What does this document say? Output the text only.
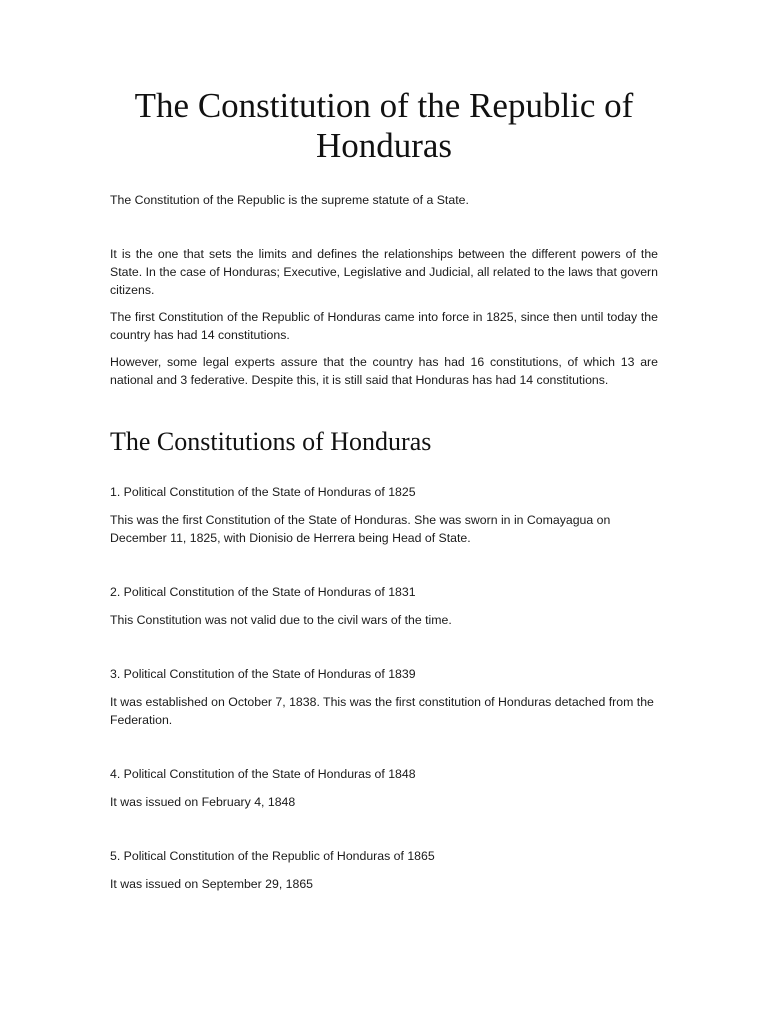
The Constitution of the Republic of Honduras

The Constitution of the Republic is the supreme statute of a State.

It is the one that sets the limits and defines the relationships between the different powers of the State. In the case of Honduras; Executive, Legislative and Judicial, all related to the laws that govern citizens.

The first Constitution of the Republic of Honduras came into force in 1825, since then until today the country has had 14 constitutions.

However, some legal experts assure that the country has had 16 constitutions, of which 13 are national and 3 federative. Despite this, it is still said that Honduras has had 14 constitutions.

The Constitutions of Honduras

1. Political Constitution of the State of Honduras of 1825

This was the first Constitution of the State of Honduras. She was sworn in in Comayagua on December 11, 1825, with Dionisio de Herrera being Head of State.

2. Political Constitution of the State of Honduras of 1831

This Constitution was not valid due to the civil wars of the time.

3. Political Constitution of the State of Honduras of 1839

It was established on October 7, 1838. This was the first constitution of Honduras detached from the Federation.

4. Political Constitution of the State of Honduras of 1848

It was issued on February 4, 1848

5. Political Constitution of the Republic of Honduras of 1865

It was issued on September 29, 1865
